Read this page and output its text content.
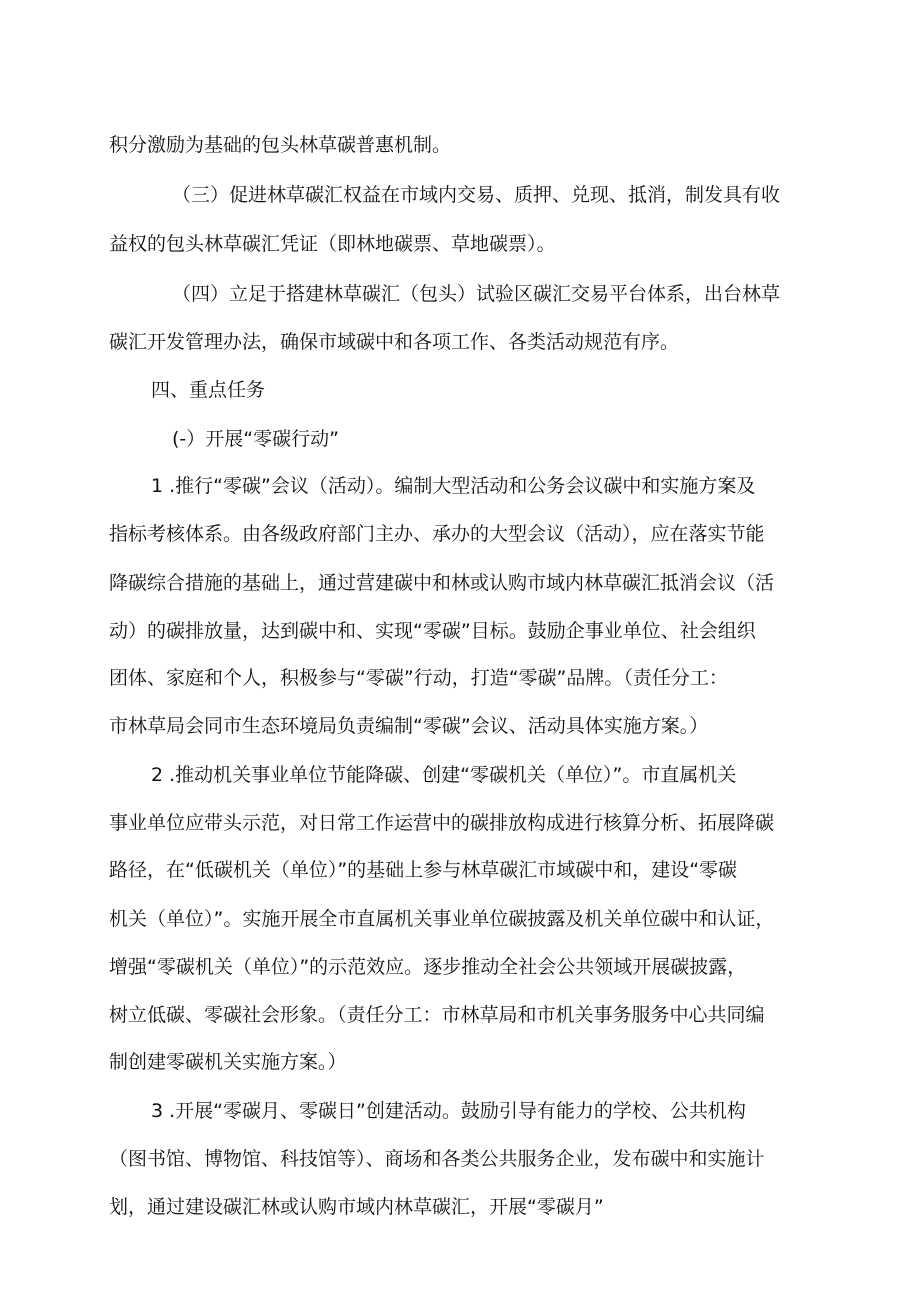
积分激励为基础的包头林草碳普惠机制。

（三）促进林草碳汇权益在市域内交易、质押、兑现、抵消，制发具有收

益权的包头林草碳汇凭证（即林地碳票、草地碳票）。

（四）立足于搭建林草碳汇（包头）试验区碳汇交易平台体系，出台林草

碳汇开发管理办法，确保市域碳中和各项工作、各类活动规范有序。

四、重点任务

(-）开展“零碳行动”

1 .推行“零碳”会议（活动）。编制大型活动和公务会议碳中和实施方案及

指标考核体系。由各级政府部门主办、承办的大型会议（活动），应在落实节能

降碳综合措施的基础上，通过营建碳中和林或认购市域内林草碳汇抵消会议（活

动）的碳排放量，达到碳中和、实现“零碳”目标。鼓励企事业单位、社会组织

团体、家庭和个人，积极参与“零碳”行动，打造“零碳”品牌。（责任分工：

市林草局会同市生态环境局负责编制“零碳”会议、活动具体实施方案。）

2 .推动机关事业单位节能降碳、创建“零碳机关（单位）”。市直属机关

事业单位应带头示范，对日常工作运营中的碳排放构成进行核算分析、拓展降碳

路径，在“低碳机关（单位）”的基础上参与林草碳汇市域碳中和，建设“零碳

机关（单位）”。实施开展全市直属机关事业单位碳披露及机关单位碳中和认证，

增强“零碳机关（单位）”的示范效应。逐步推动全社会公共领域开展碳披露，

树立低碳、零碳社会形象。（责任分工：市林草局和市机关事务服务中心共同编

制创建零碳机关实施方案。）

3 .开展“零碳月、零碳日”创建活动。鼓励引导有能力的学校、公共机构

（图书馆、博物馆、科技馆等）、商场和各类公共服务企业，发布碳中和实施计

划，通过建设碳汇林或认购市域内林草碳汇，开展“零碳月”
